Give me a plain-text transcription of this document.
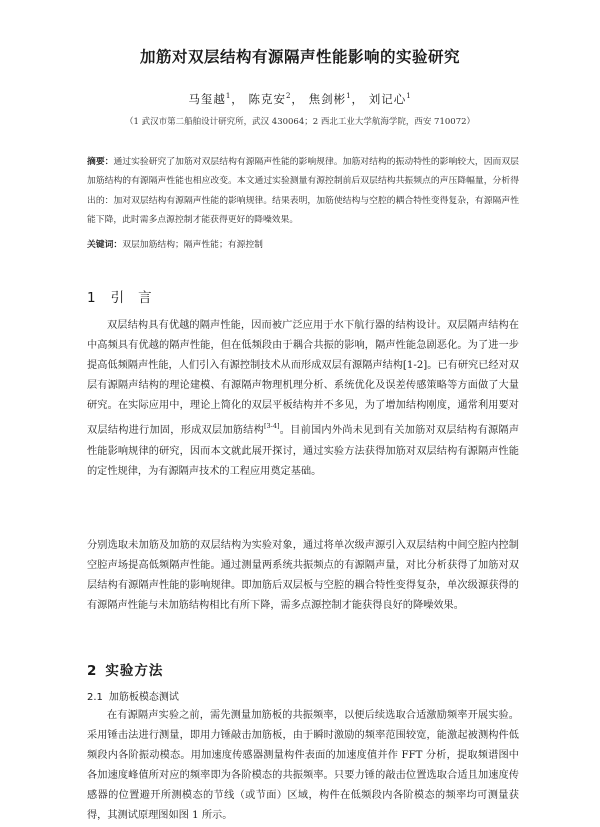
加筋对双层结构有源隔声性能影响的实验研究
马玺越$^1$， 陈克安$^2$， 焦剑彬$^1$， 刘记心$^1$
（1 武汉市第二船舶设计研究所，武汉 430064；2 西北工业大学航海学院，西安 710072）
摘要：通过实验研究了加筋对双层结构有源隔声性能的影响规律。加筋对结构的振动特性的影响较大，因而双层加筋结构的有源隔声性能也相应改变。本文通过实验测量有源控制前后双层结构共振频点的声压降幅量，分析得出的：加对双层结构有源隔声性能的影响规律。结果表明，加筋使结构与空腔的耦合特性变得复杂，有源隔声性能下降，此时需多点源控制才能获得更好的降噪效果。
关键词：双层加筋结构；隔声性能；有源控制
1 引言
双层结构具有优越的隔声性能，因而被广泛应用于水下航行器的结构设计。双层隔声结构在中高频具有优越的隔声性能，但在低频段由于耦合共振的影响，隔声性能急剧恶化。为了进一步提高低频隔声性能，人们引入有源控制技术从而形成双层有源隔声结构[1-2]。已有研究已经对双层有源隔声结构的理论建模、有源隔声物理机理分析、系统优化及误差传感策略等方面做了大量研究。在实际应用中，理论上简化的双层平板结构并不多见，为了增加结构刚度，通常利用要对双层结构进行加固，形成双层加筋结构[3-4]。目前国内外尚未见到有关加筋对双层结构有源隔声性能影响规律的研究，因而本文就此展开探讨，通过实验方法获得加筋对双层结构有源隔声性能的定性规律，为有源隔声技术的工程应用奠定基础。
分别选取未加筋及加筋的双层结构为实验对象，通过将单次级声源引入双层结构中间空腔内控制空腔声场提高低频隔声性能。通过测量两系统共振频点的有源隔声量，对比分析获得了加筋对双层结构有源隔声性能的影响规律。即加筋后双层板与空腔的耦合特性变得复杂，单次级源获得的有源隔声性能与未加筋结构相比有所下降，需多点源控制才能获得良好的降噪效果。
2 实验方法
2.1 加筋板模态测试
在有源隔声实验之前，需先测量加筋板的共振频率，以便后续选取合适激励频率开展实验。采用锤击法进行测量，即用力锤敲击加筋板，由于瞬时激励的频率范围较宽，能激起被测构件低频段内各阶振动模态。用加速度传感器测量构件表面的加速度值并作 FFT 分析，提取频谱图中各加速度峰值所对应的频率即为各阶模态的共振频率。只要力锤的敲击位置选取合适且加速度传感器的位置避开所测模态的节线（或节面）区域，构件在低频段内各阶模态的频率均可测量获得，其测试原理图如图 1 所示。
